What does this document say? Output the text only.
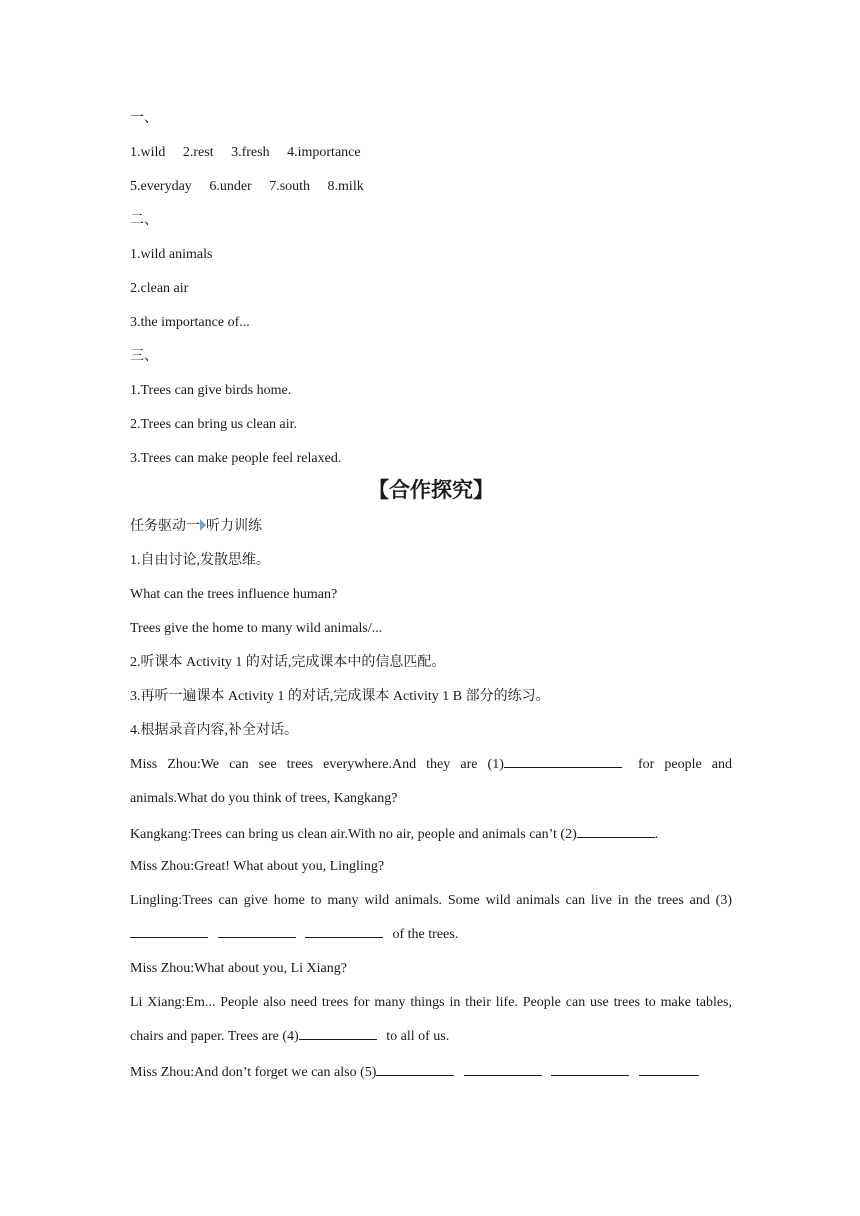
一、
1.wild 2.rest 3.fresh 4.importance
5.everyday 6.under 7.south 8.milk
二、
1.wild animals
2.clean air
3.the importance of...
三、
1.Trees can give birds home.
2.Trees can bring us clean air.
3.Trees can make people feel relaxed.
【合作探究】
任务驱动一 听力训练
1.自由讨论,发散思维。
What can the trees influence human?
Trees give the home to many wild animals/...
2.听课本 Activity 1 的对话,完成课本中的信息匹配。
3.再听一遍课本 Activity 1 的对话,完成课本 Activity 1 B 部分的练习。
4.根据录音内容,补全对话。
Miss Zhou:We can see trees everywhere.And they are (1)	for people and animals.What do you think of trees, Kangkang?
Kangkang:Trees can bring us clean air.With no air, people and animals can’t (2)	.
Miss Zhou:Great! What about you, Lingling?
Lingling:Trees can give home to many wild animals. Some wild animals can live in the trees and (3)   of the trees.
Miss Zhou:What about you, Li Xiang?
Li Xiang:Em... People also need trees for many things in their life. People can use trees to make tables, chairs and paper. Trees are (4)	to all of us.
Miss Zhou:And don’t forget we can also (5)
